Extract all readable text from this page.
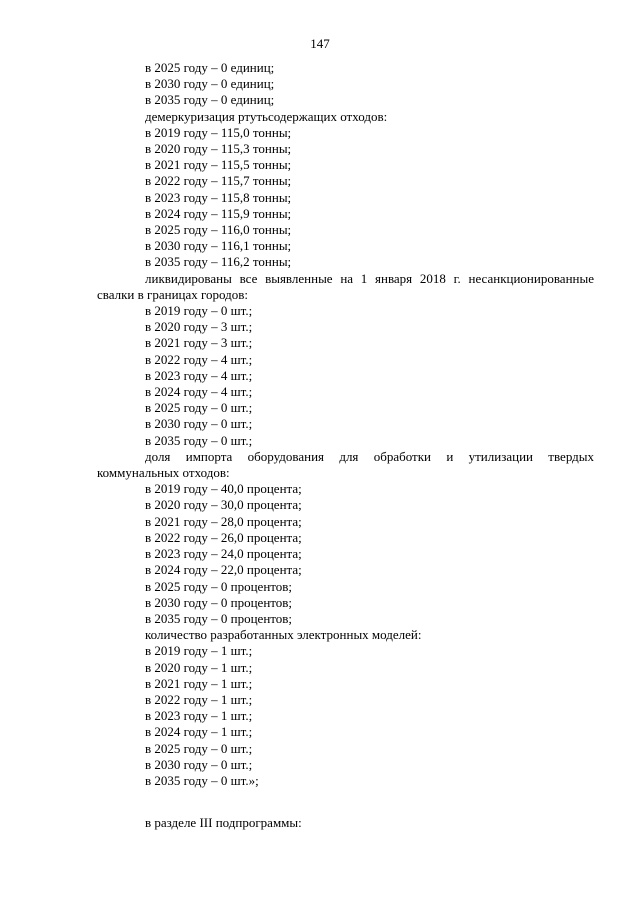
147
в 2025 году – 0 единиц;
в 2030 году – 0 единиц;
в 2035 году – 0 единиц;
демеркуризация ртутьсодержащих отходов:
в 2019 году – 115,0 тонны;
в 2020 году – 115,3 тонны;
в 2021 году – 115,5 тонны;
в 2022 году – 115,7 тонны;
в 2023 году – 115,8 тонны;
в 2024 году – 115,9 тонны;
в 2025 году – 116,0 тонны;
в 2030 году – 116,1 тонны;
в 2035 году – 116,2 тонны;

ликвидированы все выявленные на 1 января 2018 г. несанкционированные свалки в границах городов:

в 2019 году – 0 шт.;
в 2020 году – 3 шт.;
в 2021 году – 3 шт.;
в 2022 году – 4 шт.;
в 2023 году – 4 шт.;
в 2024 году – 4 шт.;
в 2025 году – 0 шт.;
в 2030 году – 0 шт.;
в 2035 году – 0 шт.;

доля импорта оборудования для обработки и утилизации твердых коммунальных отходов:

в 2019 году – 40,0 процента;
в 2020 году – 30,0 процента;
в 2021 году – 28,0 процента;
в 2022 году – 26,0 процента;
в 2023 году – 24,0 процента;
в 2024 году – 22,0 процента;
в 2025 году – 0 процентов;
в 2030 году – 0 процентов;
в 2035 году – 0 процентов;
количество разработанных электронных моделей:
в 2019 году – 1 шт.;
в 2020 году – 1 шт.;
в 2021 году – 1 шт.;
в 2022 году – 1 шт.;
в 2023 году – 1 шт.;
в 2024 году – 1 шт.;
в 2025 году – 0 шт.;
в 2030 году – 0 шт.;
в 2035 году – 0 шт.»;
в разделе III подпрограммы:
